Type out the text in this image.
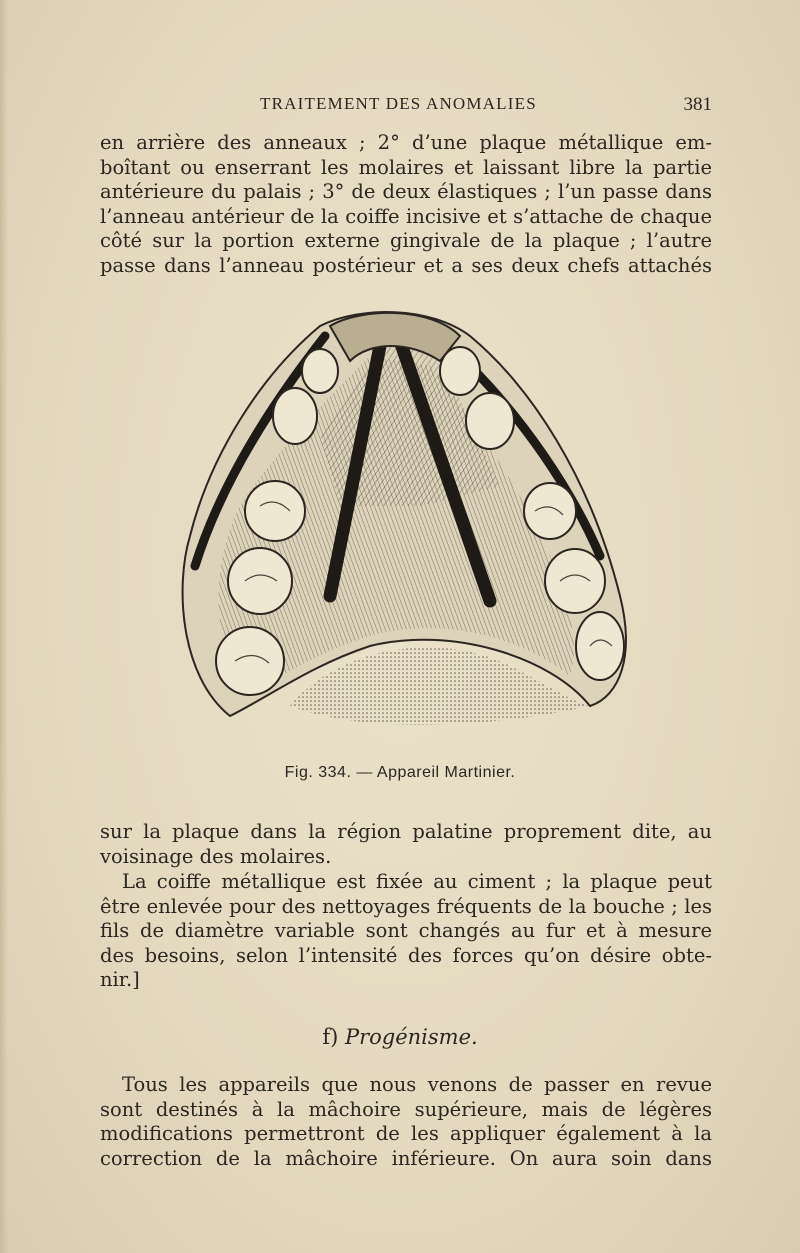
TRAITEMENT DES ANOMALIES	381

en arrière des anneaux ; 2° d’une plaque métallique em-
boîtant ou enserrant les molaires et laissant libre la partie
antérieure du palais ; 3° de deux élastiques ; l’un passe dans
l’anneau antérieur de la coiffe incisive et s’attache de chaque
côté sur la portion externe gingivale de la plaque ; l’autre
passe dans l’anneau postérieur et a ses deux chefs attachés

Fig. 334. — Appareil Martinier.

sur la plaque dans la région palatine proprement dite, au
voisinage des molaires.

La coiffe métallique est fixée au ciment ; la plaque peut
être enlevée pour des nettoyages fréquents de la bouche ; les
fils de diamètre variable sont changés au fur et à mesure
des besoins, selon l’intensité des forces qu’on désire obte-
nir.]

f) Progénisme.

Tous les appareils que nous venons de passer en revue
sont destinés à la mâchoire supérieure, mais de légères
modifications permettront de les appliquer également à la
correction de la mâchoire inférieure. On aura soin dans
